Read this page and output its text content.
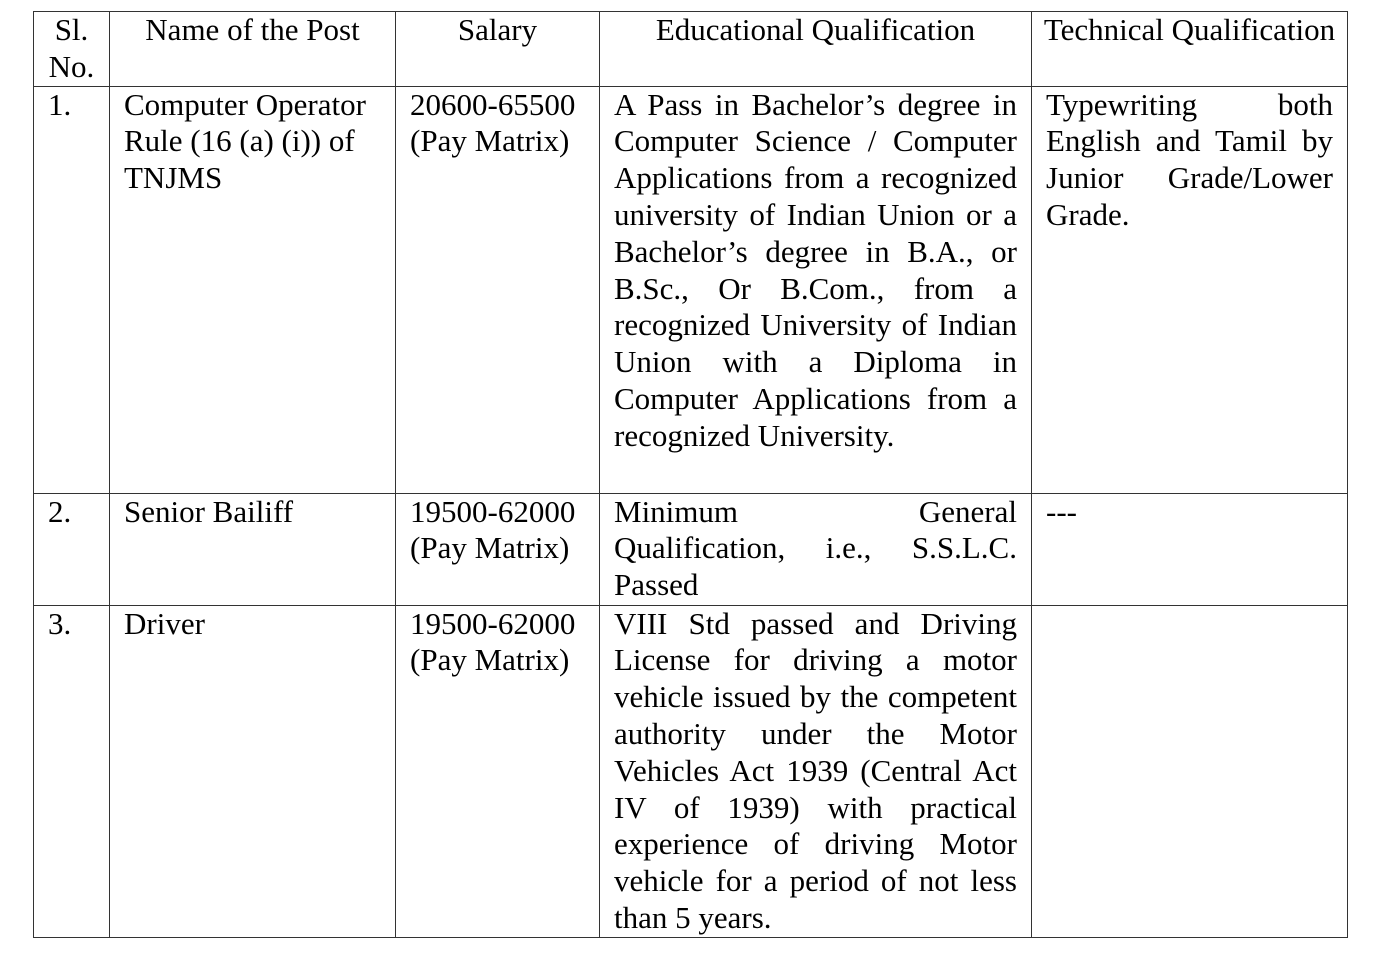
Sl. No.	Name of the Post	Salary	Educational Qualification	Technical Qualification
1.	Computer Operator Rule (16 (a) (i)) of TNJMS	20600-65500 (Pay Matrix)	A Pass in Bachelor’s degree in Computer Science / Computer Applications from a recognized university of Indian Union or a Bachelor’s degree in B.A., or B.Sc., Or B.Com., from a recognized University of Indian Union with a Diploma in Computer Applications from a recognized University.	Typewriting both English and Tamil by Junior Grade/Lower Grade.
2.	Senior Bailiff	19500-62000 (Pay Matrix)	Minimum General Qualification, i.e., S.S.L.C. Passed	---
3.	Driver	19500-62000 (Pay Matrix)	VIII Std passed and Driving License for driving a motor vehicle issued by the competent authority under the Motor Vehicles Act 1939 (Central Act IV of 1939) with practical experience of driving Motor vehicle for a period of not less than 5 years.	
